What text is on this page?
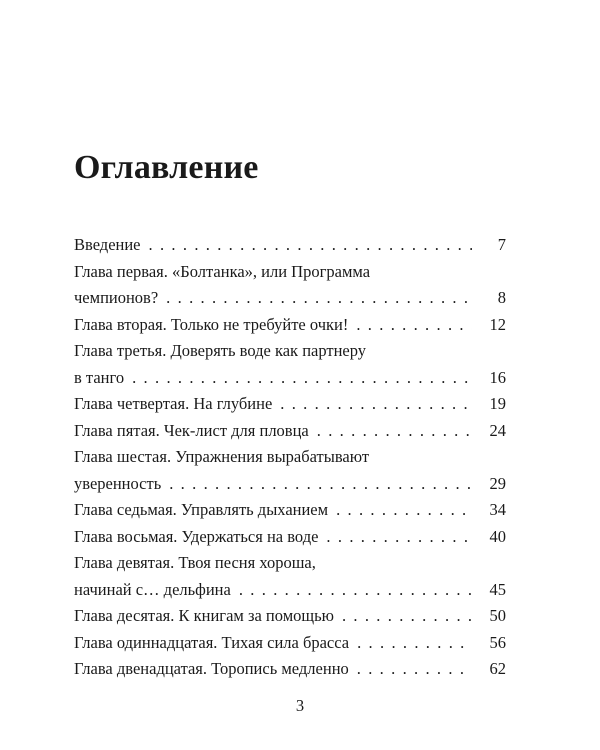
Оглавление
Введение . . .	7
Глава первая. «Болтанка», или Программа
чемпионов? . . .	8
Глава вторая. Только не требуйте очки! . . .	12
Глава третья. Доверять воде как партнеру
в танго . . .	16
Глава четвертая. На глубине . . .	19
Глава пятая. Чек-лист для пловца . . .	24
Глава шестая. Упражнения вырабатывают
уверенность . . .	29
Глава седьмая. Управлять дыханием . . .	34
Глава восьмая. Удержаться на воде . . .	40
Глава девятая. Твоя песня хороша,
начинай с… дельфина . . .	45
Глава десятая. К книгам за помощью . . .	50
Глава одиннадцатая. Тихая сила брасса . . .	56
Глава двенадцатая. Торопись медленно . . .	62
3
